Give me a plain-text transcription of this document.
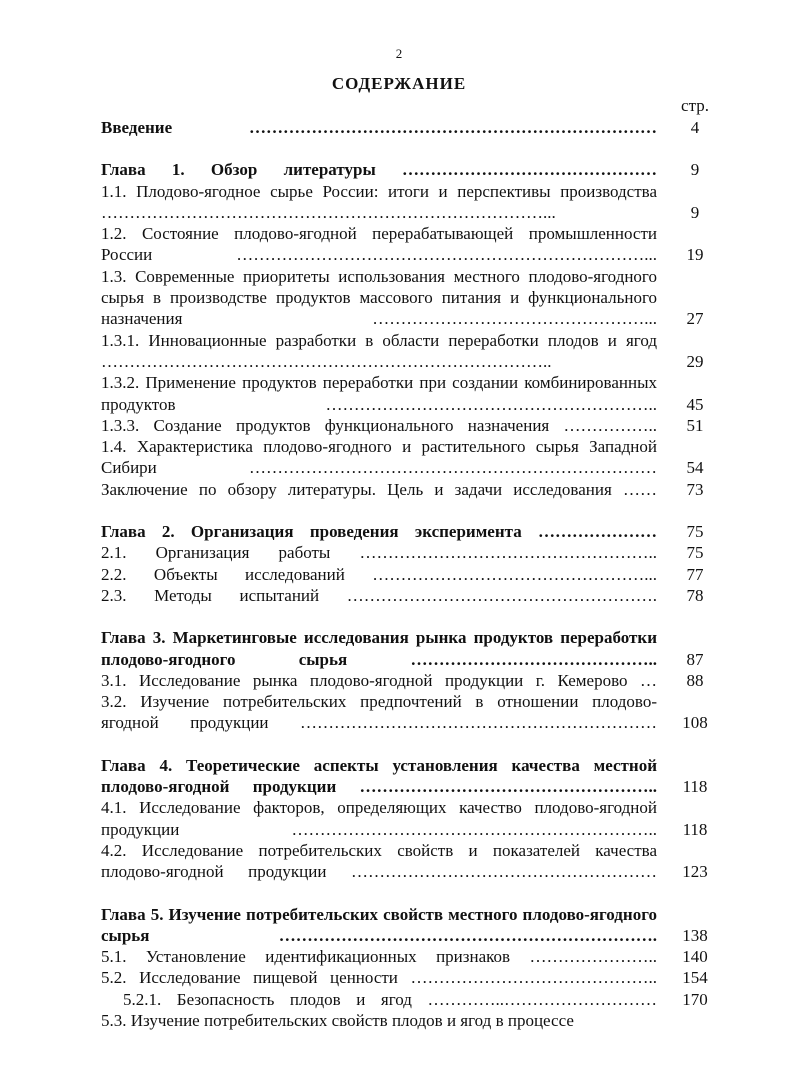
2
СОДЕРЖАНИЕ
стр.
Введение ………………………………………………………………	4
Глава 1. Обзор литературы ………………………………………	9
1.1. Плодово-ягодное сырье России: итоги и перспективы производства ……………………………………………………………………...	9
1.2. Состояние плодово-ягодной перерабатывающей промышленности России ………………………………………………………………...	19
1.3. Современные приоритеты использования местного плодово-ягодного сырья в производстве продуктов массового питания и функционального назначения …………………………………………...	27
1.3.1. Инновационные разработки в области переработки плодов и ягод ……………………………………………………………………..	29
1.3.2. Применение продуктов переработки при создании комбинированных продуктов …………………………………………………..	45
1.3.3. Создание продуктов функционального назначения ……………..	51
1.4. Характеристика плодово-ягодного и растительного сырья Западной Сибири ………………………………………………………………	54
Заключение по обзору литературы. Цель и задачи исследования ……	73
Глава 2. Организация проведения эксперимента …………………	75
2.1. Организация работы ……………………………………………..	75
2.2. Объекты исследований …………………………………………...	77
2.3. Методы испытаний ……………………………………………….	78
Глава 3. Маркетинговые исследования рынка продуктов переработки плодово-ягодного сырья ……………………………………..	87
3.1. Исследование рынка плодово-ягодной продукции г. Кемерово …	88
3.2. Изучение потребительских предпочтений в отношении плодово-ягодной продукции ………………………………………………………	108
Глава 4. Теоретические аспекты установления качества местной плодово-ягодной продукции ……………………………………………..	118
4.1. Исследование факторов, определяющих качество плодово-ягодной продукции ………………………………………………………..	118
4.2. Исследование потребительских свойств и показателей качества плодово-ягодной продукции ………………………………………………	123
Глава 5. Изучение потребительских свойств местного плодово-ягодного сырья ………………………………………………………….	138
5.1. Установление идентификационных признаков …………………..	140
5.2. Исследование пищевой ценности ……………………………………..	154
5.2.1. Безопасность плодов и ягод …………..………………………	170
5.3. Изучение потребительских свойств плодов и ягод в процессе
